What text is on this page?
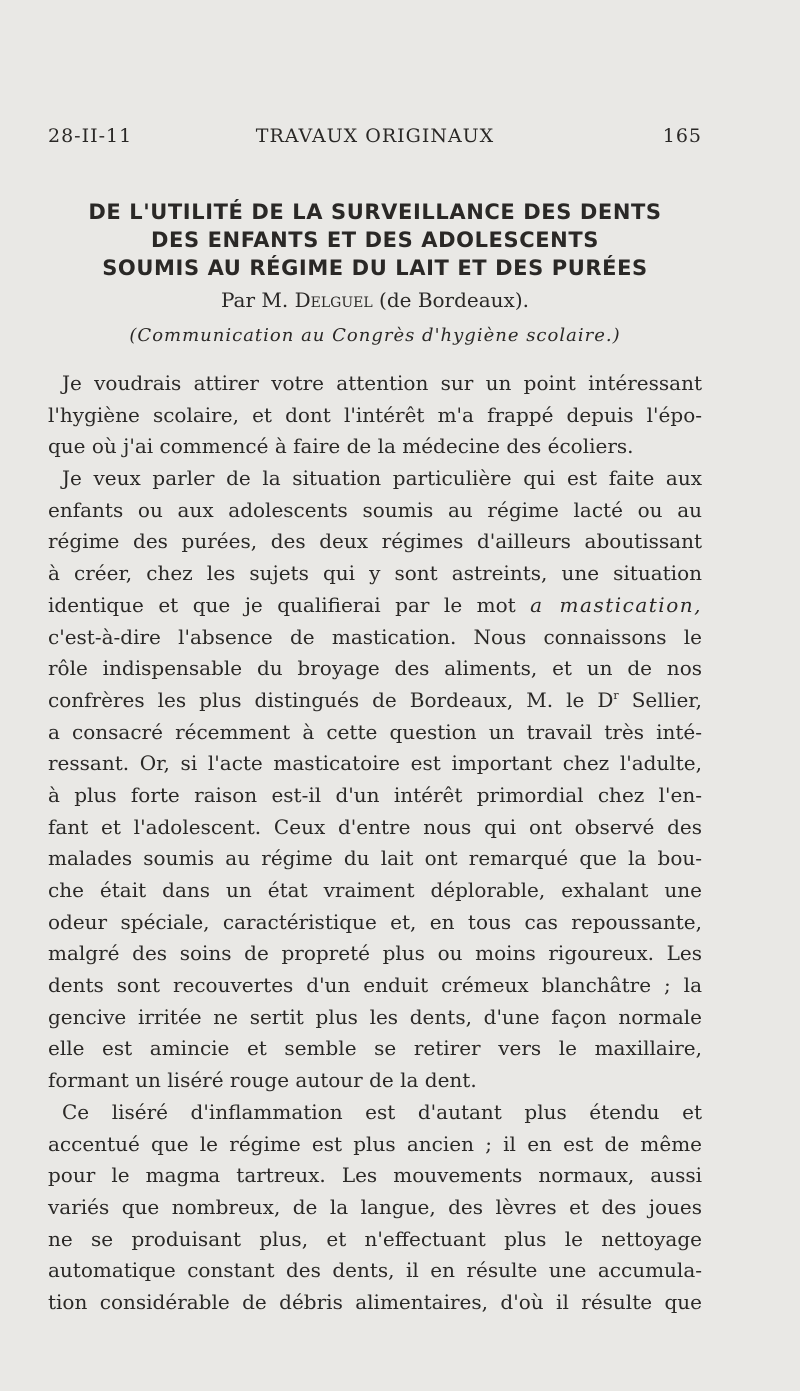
28-II-11	TRAVAUX ORIGINAUX	165
DE L'UTILITÉ DE LA SURVEILLANCE DES DENTS
DES ENFANTS ET DES ADOLESCENTS
SOUMIS AU RÉGIME DU LAIT ET DES PURÉES
Par M. Delguel (de Bordeaux).
(Communication au Congrès d'hygiène scolaire.)
Je voudrais attirer votre attention sur un point intéressant
l'hygiène scolaire, et dont l'intérêt m'a frappé depuis l'épo-
que où j'ai commencé à faire de la médecine des écoliers.
Je veux parler de la situation particulière qui est faite aux
enfants ou aux adolescents soumis au régime lacté ou au
régime des purées, des deux régimes d'ailleurs aboutissant
à créer, chez les sujets qui y sont astreints, une situation
identique et que je qualifierai par le mot a mastication,
c'est-à-dire l'absence de mastication. Nous connaissons le
rôle indispensable du broyage des aliments, et un de nos
confrères les plus distingués de Bordeaux, M. le $D^r$ Sellier,
a consacré récemment à cette question un travail très inté-
ressant. Or, si l'acte masticatoire est important chez l'adulte,
à plus forte raison est-il d'un intérêt primordial chez l'en-
fant et l'adolescent. Ceux d'entre nous qui ont observé des
malades soumis au régime du lait ont remarqué que la bou-
che était dans un état vraiment déplorable, exhalant une
odeur spéciale, caractéristique et, en tous cas repoussante,
malgré des soins de propreté plus ou moins rigoureux. Les
dents sont recouvertes d'un enduit crémeux blanchâtre ; la
gencive irritée ne sertit plus les dents, d'une façon normale
elle est amincie et semble se retirer vers le maxillaire,
formant un liséré rouge autour de la dent.
Ce liséré d'inflammation est d'autant plus étendu et
accentué que le régime est plus ancien ; il en est de même
pour le magma tartreux. Les mouvements normaux, aussi
variés que nombreux, de la langue, des lèvres et des joues
ne se produisant plus, et n'effectuant plus le nettoyage
automatique constant des dents, il en résulte une accumula-
tion considérable de débris alimentaires, d'où il résulte que
